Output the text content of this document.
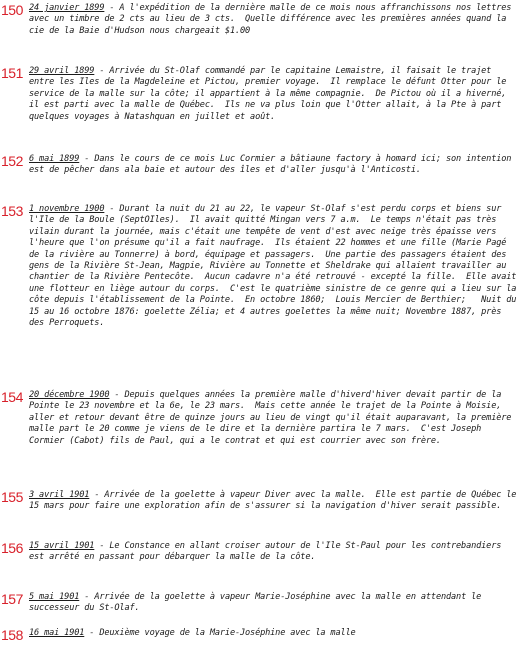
150 24 janvier 1899 - A l'expédition de la dernière malle de ce mois nous affranchissons nos lettres avec un timbre de 2 cts au lieu de 3 cts.  Quelle différence avec les premières années quand la cie de la Baie d'Hudson nous chargeait $1.00
151 29 avril 1899 - Arrivée du St-Olaf commandé par le capitaine Lemaistre, il faisait le trajet entre les Iles de la Magdeleine et Pictou, premier voyage.  Il remplace le défunt Otter pour le service de la malle sur la côte; il appartient à la même compagnie.  De Pictou où il a hiverné, il est parti avec la malle de Québec.  Ils ne va plus loin que l'Otter allait, à la Pte à part quelques voyages à Natashquan en juillet et août.
152 6 mai 1899 - Dans le cours de ce mois Luc Cormier a bâtiaune factory à homard ici; son intention est de pêcher dans ala baie et autour des îles et d'aller jusqu'à l'Anticosti.
153 1 novembre 1900 - Durant la nuit du 21 au 22, le vapeur St-Olaf s'est perdu corps et biens sur l'Ile de la Boule (SeptOIles).  Il avait quitté Mingan vers 7 a.m.  Le temps n'était pas très vilain durant la journée, mais c'était une tempête de vent d'est avec neige très épaisse vers l'heure que l'on présume qu'il a fait naufrage.  Ils étaient 22 hommes et une fille (Marie Pagé de la rivière au Tonnerre) à bord, équipage et passagers.  Une partie des passagers étaient des gens de la Rivière St-Jean, Magpie, Rivière au Tonnette et Sheldrake qui allaient travailler au chantier de la Rivière Pentecôte.  Aucun cadavre n'a été retrouvé - excepté la fille.  Elle avait une flotteur en liège autour du corps.  C'est le quatrième sinistre de ce genre qui a lieu sur la côte depuis l'établissement de la Pointe.  En octobre 1860;  Louis Mercier de Berthier;   Nuit du 15 au 16 octobre 1876: goelette Zélia; et 4 autres goelettes la même nuit; Novembre 1887, près des Perroquets.
154 20 décembre 1900 - Depuis quelques années la première malle d'hiverd'hiver devait partir de la Pointe le 23 novembre et la 6e, le 23 mars.  Mais cette année le trajet de la Pointe à Moisie, aller et retour devant être de quinze jours au lieu de vingt qu'il était auparavant, la première malle part le 20 comme je viens de le dire et la dernière partira le 7 mars.  C'est Joseph Cormier (Cabot) fils de Paul, qui a le contrat et qui est courrier avec son frère.
155 3 avril 1901 - Arrivée de la goelette à vapeur Diver avec la malle.  Elle est partie de Québec le 15 mars pour faire une exploration afin de s'assurer si la navigation d'hiver serait passible.
156 15 avril 1901 - Le Constance en allant croiser autour de l'Ile St-Paul pour les contrebandiers est arrêté en passant pour débarquer la malle de la côte.
157 5 mai 1901 - Arrivée de la goelette à vapeur Marie-Joséphine avec la malle en attendant le successeur du St-Olaf.
158 16 mai 1901 - Deuxième voyage de la Marie-Joséphine avec la malle
